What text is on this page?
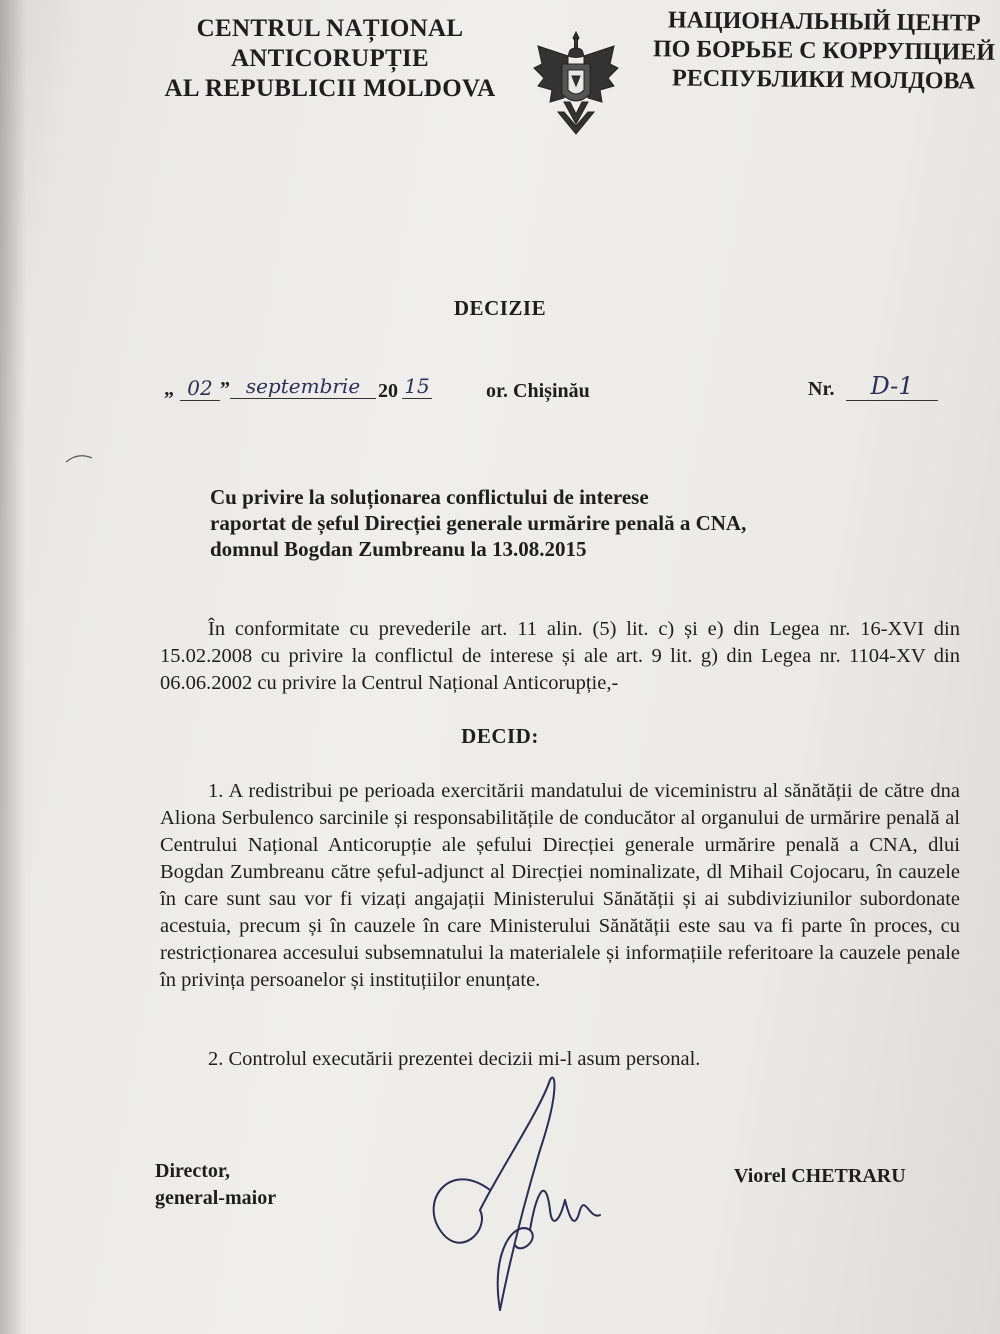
CENTRUL NAȚIONAL
ANTICORUPȚIE
AL REPUBLICII MOLDOVA
НАЦИОНАЛЬНЫЙ ЦЕНТР
ПО БОРЬБЕ С КОРРУПЦИЕЙ
РЕСПУБЛИКИ МОЛДОВА
DECIZIE
„ 02 ” septembrie 20 15	or. Chișinău	Nr.	D-1
Cu privire la soluționarea conflictului de interese
raportat de șeful Direcției generale urmărire penală a CNA,
domnul Bogdan Zumbreanu la 13.08.2015
În conformitate cu prevederile art. 11 alin. (5) lit. c) și e) din Legea nr. 16-XVI din 15.02.2008 cu privire la conflictul de interese și ale art. 9 lit. g) din Legea nr. 1104-XV din 06.06.2002 cu privire la Centrul Național Anticorupție,-
DECID:
1. A redistribui pe perioada exercitării mandatului de viceministru al sănătății de către dna Aliona Serbulenco sarcinile și responsabilitățile de conducător al organului de urmărire penală al Centrului Național Anticorupție ale șefului Direcției generale urmărire penală a CNA, dlui Bogdan Zumbreanu către șeful-adjunct al Direcției nominalizate, dl Mihail Cojocaru, în cauzele în care sunt sau vor fi vizați angajații Ministerului Sănătății și ai subdiviziunilor subordonate acestuia, precum și în cauzele în care Ministerului Sănătății este sau va fi parte în proces, cu restricționarea accesului subsemnatului la materialele și informațiile referitoare la cauzele penale în privința persoanelor și instituțiilor enunțate.
2. Controlul executării prezentei decizii mi-l asum personal.
Director,
general-maior
Viorel CHETRARU
